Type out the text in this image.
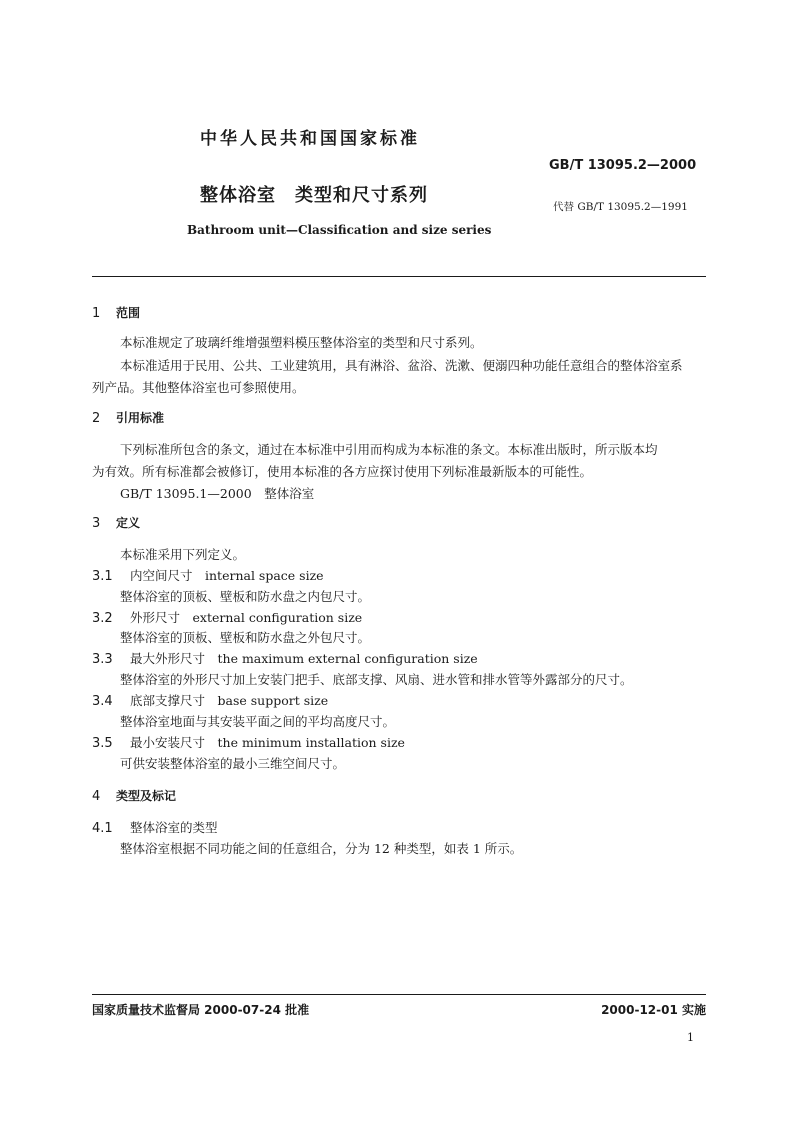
中华人民共和国国家标准
GB/T 13095.2—2000
整体浴室　类型和尺寸系列
代替 GB/T 13095.2—1991
Bathroom unit—Classification and size series
1 范围
本标准规定了玻璃纤维增强塑料模压整体浴室的类型和尺寸系列。
本标准适用于民用、公共、工业建筑用，具有淋浴、盆浴、洗漱、便溺四种功能任意组合的整体浴室系
列产品。其他整体浴室也可参照使用。
2 引用标准
下列标准所包含的条文，通过在本标准中引用而构成为本标准的条文。本标准出版时，所示版本均
为有效。所有标准都会被修订，使用本标准的各方应探讨使用下列标准最新版本的可能性。
GB/T 13095.1—2000　整体浴室
3 定义
本标准采用下列定义。
3.1 内空间尺寸　internal space size
整体浴室的顶板、壁板和防水盘之内包尺寸。
3.2 外形尺寸　external configuration size
整体浴室的顶板、壁板和防水盘之外包尺寸。
3.3 最大外形尺寸　the maximum external configuration size
整体浴室的外形尺寸加上安装门把手、底部支撑、风扇、进水管和排水管等外露部分的尺寸。
3.4 底部支撑尺寸　base support size
整体浴室地面与其安装平面之间的平均高度尺寸。
3.5 最小安装尺寸　the minimum installation size
可供安装整体浴室的最小三维空间尺寸。
4 类型及标记
4.1 整体浴室的类型
整体浴室根据不同功能之间的任意组合，分为 12 种类型，如表 1 所示。
国家质量技术监督局 2000-07-24 批准	2000-12-01 实施
1
